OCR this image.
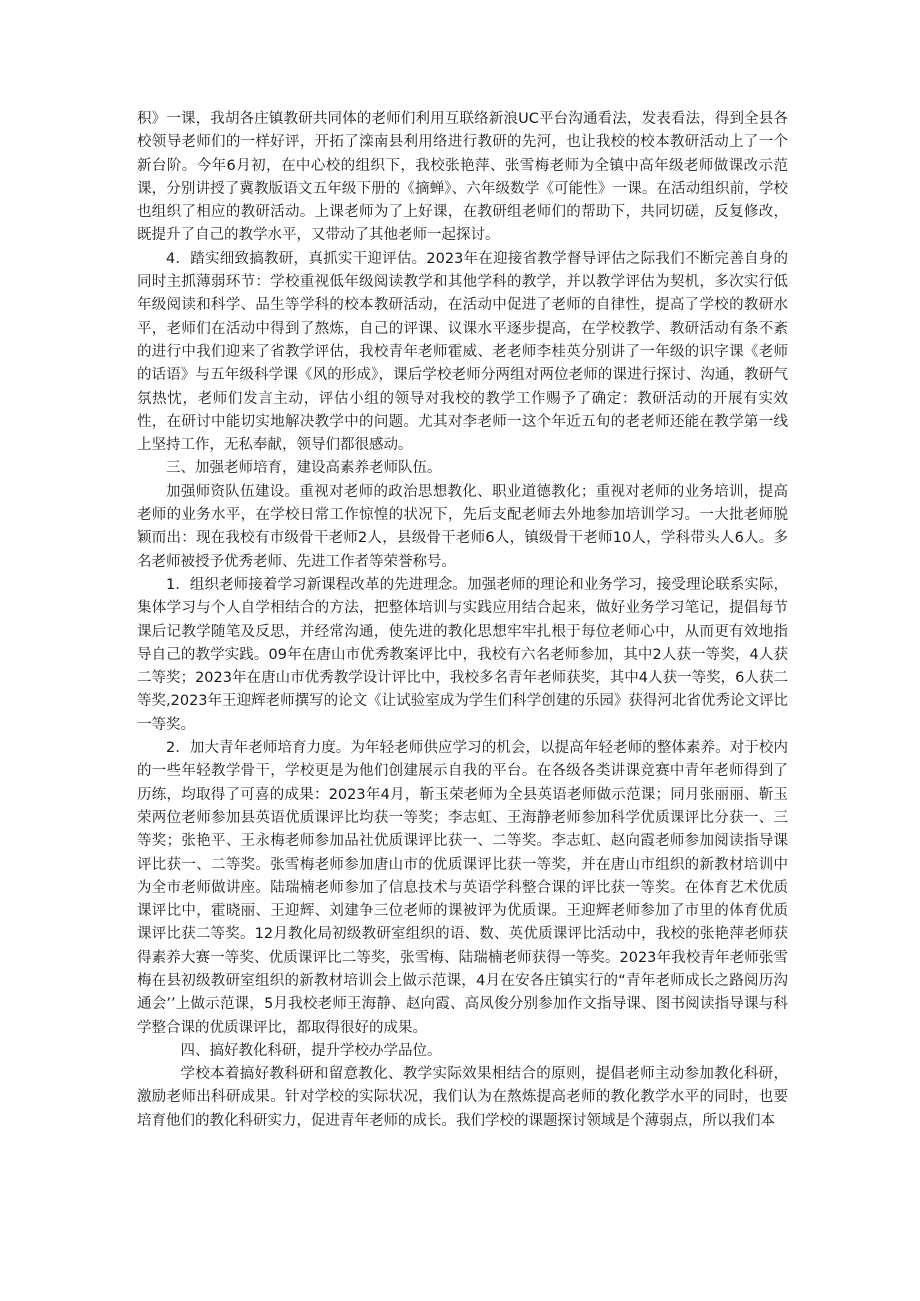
积》一课，我胡各庄镇教研共同体的老师们利用互联络新浪UC平台沟通看法，发表看法，得到全县各校领导老师们的一样好评，开拓了滦南县利用络进行教研的先河，也让我校的校本教研活动上了一个新台阶。今年6月初，在中心校的组织下，我校张艳萍、张雪梅老师为全镇中高年级老师做课改示范课，分别讲授了冀教版语文五年级下册的《摘蝉》、六年级数学《可能性》一课。在活动组织前，学校也组织了相应的教研活动。上课老师为了上好课，在教研组老师们的帮助下，共同切磋，反复修改，既提升了自己的教学水平，又带动了其他老师一起探讨。

4．踏实细致搞教研，真抓实干迎评估。2023年在迎接省教学督导评估之际我们不断完善自身的同时主抓薄弱环节：学校重视低年级阅读教学和其他学科的教学，并以教学评估为契机，多次实行低年级阅读和科学、品生等学科的校本教研活动，在活动中促进了老师的自律性，提高了学校的教研水平，老师们在活动中得到了熬炼，自己的评课、议课水平逐步提高，在学校教学、教研活动有条不紊的进行中我们迎来了省教学评估，我校青年老师霍威、老老师李桂英分别讲了一年级的识字课《老师的话语》与五年级科学课《风的形成》，课后学校老师分两组对两位老师的课进行探讨、沟通，教研气氛热忱，老师们发言主动，评估小组的领导对我校的教学工作赐予了确定：教研活动的开展有实效性，在研讨中能切实地解决教学中的问题。尤其对李老师一这个年近五旬的老老师还能在教学第一线上坚持工作，无私奉献，领导们都很感动。

三、加强老师培育，建设高素养老师队伍。

加强师资队伍建设。重视对老师的政治思想教化、职业道德教化；重视对老师的业务培训，提高老师的业务水平，在学校日常工作惊惶的状况下，先后支配老师去外地参加培训学习。一大批老师脱颖而出：现在我校有市级骨干老师2人，县级骨干老师6人，镇级骨干老师10人，学科带头人6人。多名老师被授予优秀老师、先进工作者等荣誉称号。

1．组织老师接着学习新课程改革的先进理念。加强老师的理论和业务学习，接受理论联系实际，集体学习与个人自学相结合的方法，把整体培训与实践应用结合起来，做好业务学习笔记，提倡每节课后记教学随笔及反思，并经常沟通，使先进的教化思想牢牢扎根于每位老师心中，从而更有效地指导自己的教学实践。09年在唐山市优秀教案评比中，我校有六名老师参加，其中2人获一等奖，4人获二等奖；2023年在唐山市优秀教学设计评比中，我校多名青年老师获奖，其中4人获一等奖，6人获二等奖,2023年王迎辉老师撰写的论文《让试验室成为学生们科学创建的乐园》获得河北省优秀论文评比一等奖。

2．加大青年老师培育力度。为年轻老师供应学习的机会，以提高年轻老师的整体素养。对于校内的一些年轻教学骨干，学校更是为他们创建展示自我的平台。在各级各类讲课竞赛中青年老师得到了历练，均取得了可喜的成果：2023年4月，靳玉荣老师为全县英语老师做示范课；同月张丽丽、靳玉荣两位老师参加县英语优质课评比均获一等奖；李志虹、王海静老师参加科学优质课评比分获一、三等奖；张艳平、王永梅老师参加品社优质课评比获一、二等奖。李志虹、赵向霞老师参加阅读指导课评比获一、二等奖。张雪梅老师参加唐山市的优质课评比获一等奖，并在唐山市组织的新教材培训中为全市老师做讲座。陆瑞楠老师参加了信息技术与英语学科整合课的评比获一等奖。在体育艺术优质课评比中，霍晓丽、王迎辉、刘建争三位老师的课被评为优质课。王迎辉老师参加了市里的体育优质课评比获二等奖。12月教化局初级教研室组织的语、数、英优质课评比活动中，我校的张艳萍老师获得素养大赛一等奖、优质课评比二等奖，张雪梅、陆瑞楠老师获得一等奖。2023年我校青年老师张雪梅在县初级教研室组织的新教材培训会上做示范课，4月在安各庄镇实行的“青年老师成长之路阅历沟通会’’上做示范课，5月我校老师王海静、赵向霞、高凤俊分别参加作文指导课、图书阅读指导课与科学整合课的优质课评比，都取得很好的成果。

四、搞好教化科研，提升学校办学品位。

学校本着搞好教科研和留意教化、教学实际效果相结合的原则，提倡老师主动参加教化科研，激励老师出科研成果。针对学校的实际状况，我们认为在熬炼提高老师的教化教学水平的同时，也要培育他们的教化科研实力，促进青年老师的成长。我们学校的课题探讨领域是个薄弱点，所以我们本
